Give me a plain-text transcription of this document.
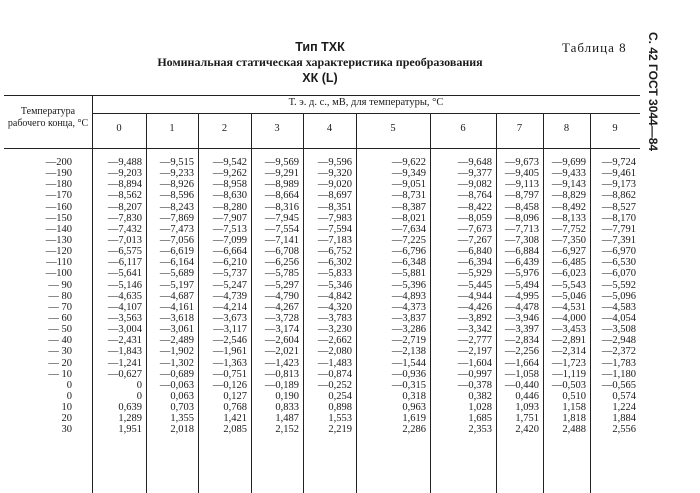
Тип ТХК
Номинальная статическая характеристика преобразования
ХК (L)
Таблица 8 С. 42 ГОСТ 3044—84
Температура рабочего конца, °С
Т. э. д. с., мВ, для температуры, °С
0	1	2	3	4	5	6	7	8	9
—200	—9,488	—9,515	—9,542	—9,569	—9,596	—9,622	—9,648	—9,673	—9,699	—9,724
—190	—9,203	—9,233	—9,262	—9,291	—9,320	—9,349	—9,377	—9,405	—9,433	—9,461
—180	—8,894	—8,926	—8,958	—8,989	—9,020	—9,051	—9,082	—9,113	—9,143	—9,173
—170	—8,562	—8,596	—8,630	—8,664	—8,697	—8,731	—8,764	—8,797	—8,829	—8,862
—160	—8,207	—8,243	—8,280	—8,316	—8,351	—8,387	—8,422	—8,458	—8,492	—8,527
—150	—7,830	—7,869	—7,907	—7,945	—7,983	—8,021	—8,059	—8,096	—8,133	—8,170
—140	—7,432	—7,473	—7,513	—7,554	—7,594	—7,634	—7,673	—7,713	—7,752	—7,791
—130	—7,013	—7,056	—7,099	—7,141	—7,183	—7,225	—7,267	—7,308	—7,350	—7,391
—120	—6,575	—6,619	—6,664	—6,708	—6,752	—6,796	—6,840	—6,884	—6,927	—6,970
—110	—6,117	—6,164	—6,210	—6,256	—6,302	—6,348	—6,394	—6,439	—6,485	—6,530
—100	—5,641	—5,689	—5,737	—5,785	—5,833	—5,881	—5,929	—5,976	—6,023	—6,070
— 90	—5,146	—5,197	—5,247	—5,297	—5,346	—5,396	—5,445	—5,494	—5,543	—5,592
— 80	—4,635	—4,687	—4,739	—4,790	—4,842	—4,893	—4,944	—4,995	—5,046	—5,096
— 70	—4,107	—4,161	—4,214	—4,267	—4,320	—4,373	—4,426	—4,478	—4,531	—4,583
— 60	—3,563	—3,618	—3,673	—3,728	—3,783	—3,837	—3,892	—3,946	—4,000	—4,054
— 50	—3,004	—3,061	—3,117	—3,174	—3,230	—3,286	—3,342	—3,397	—3,453	—3,508
— 40	—2,431	—2,489	—2,546	—2,604	—2,662	—2,719	—2,777	—2,834	—2,891	—2,948
— 30	—1,843	—1,902	—1,961	—2,021	—2,080	—2,138	—2,197	—2,256	—2,314	—2,372
— 20	—1,241	—1,302	—1,363	—1,423	—1,483	—1,544	—1,604	—1,664	—1,723	—1,783
— 10	—0,627	—0,689	—0,751	—0,813	—0,874	—0,936	—0,997	—1,058	—1,119	—1,180
0	0	—0,063	—0,126	—0,189	—0,252	—0,315	—0,378	—0,440	—0,503	—0,565
0	0	0,063	0,127	0,190	0,254	0,318	0,382	0,446	0,510	0,574
10	0,639	0,703	0,768	0,833	0,898	0,963	1,028	1,093	1,158	1,224
20	1,289	1,355	1,421	1,487	1,553	1,619	1,685	1,751	1,818	1,884
30	1,951	2,018	2,085	2,152	2,219	2,286	2,353	2,420	2,488	2,556
